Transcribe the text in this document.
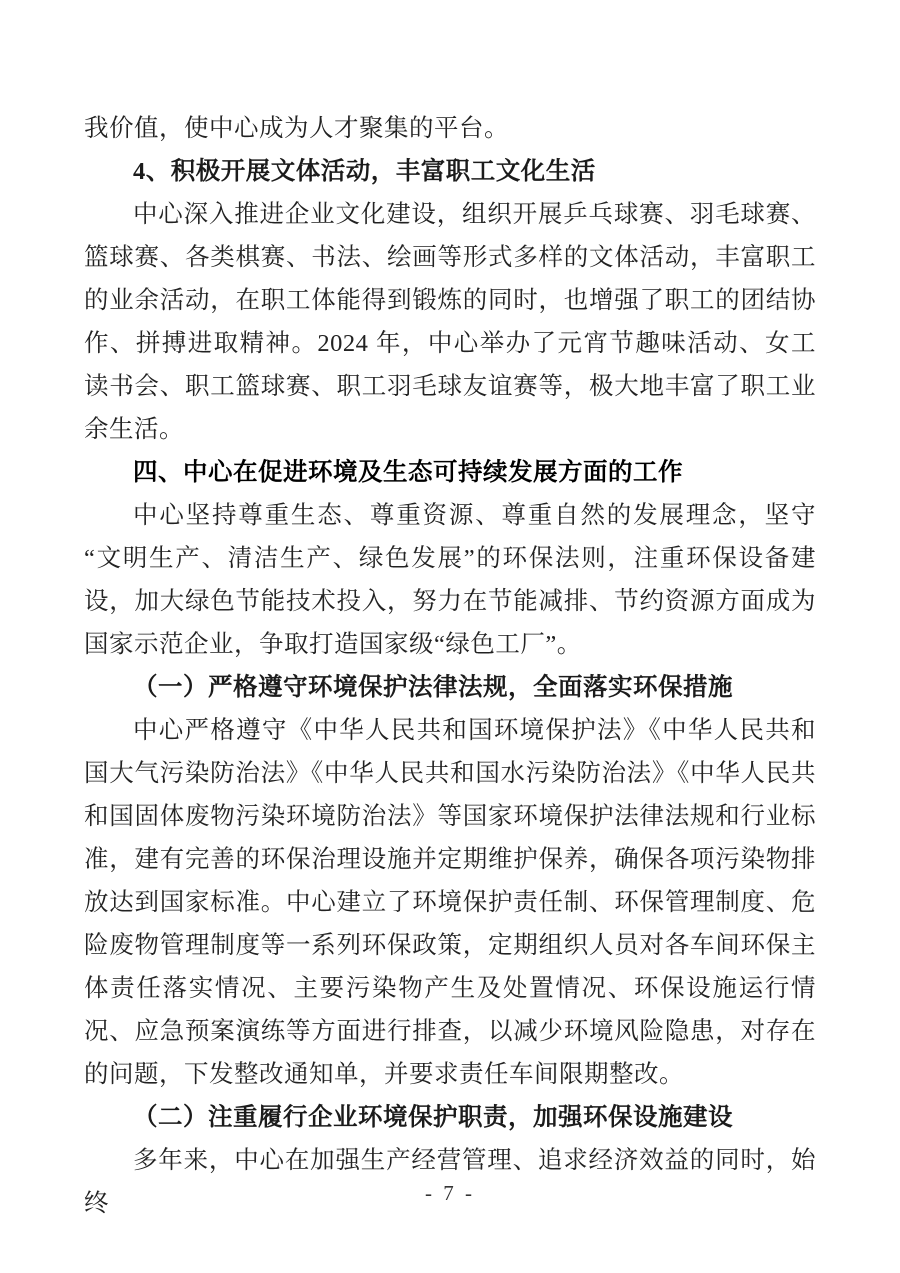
我价值，使中心成为人才聚集的平台。

4、积极开展文体活动，丰富职工文化生活

中心深入推进企业文化建设，组织开展乒乓球赛、羽毛球赛、篮球赛、各类棋赛、书法、绘画等形式多样的文体活动，丰富职工的业余活动，在职工体能得到锻炼的同时，也增强了职工的团结协作、拼搏进取精神。2024 年，中心举办了元宵节趣味活动、女工读书会、职工篮球赛、职工羽毛球友谊赛等，极大地丰富了职工业余生活。

四、中心在促进环境及生态可持续发展方面的工作

中心坚持尊重生态、尊重资源、尊重自然的发展理念，坚守“文明生产、清洁生产、绿色发展”的环保法则，注重环保设备建设，加大绿色节能技术投入，努力在节能减排、节约资源方面成为国家示范企业，争取打造国家级“绿色工厂”。

（一）严格遵守环境保护法律法规，全面落实环保措施

中心严格遵守《中华人民共和国环境保护法》《中华人民共和国大气污染防治法》《中华人民共和国水污染防治法》《中华人民共和国固体废物污染环境防治法》等国家环境保护法律法规和行业标准，建有完善的环保治理设施并定期维护保养，确保各项污染物排放达到国家标准。中心建立了环境保护责任制、环保管理制度、危险废物管理制度等一系列环保政策，定期组织人员对各车间环保主体责任落实情况、主要污染物产生及处置情况、环保设施运行情况、应急预案演练等方面进行排查，以减少环境风险隐患，对存在的问题，下发整改通知单，并要求责任车间限期整改。

（二）注重履行企业环境保护职责，加强环保设施建设

多年来，中心在加强生产经营管理、追求经济效益的同时，始终	- 7 -
